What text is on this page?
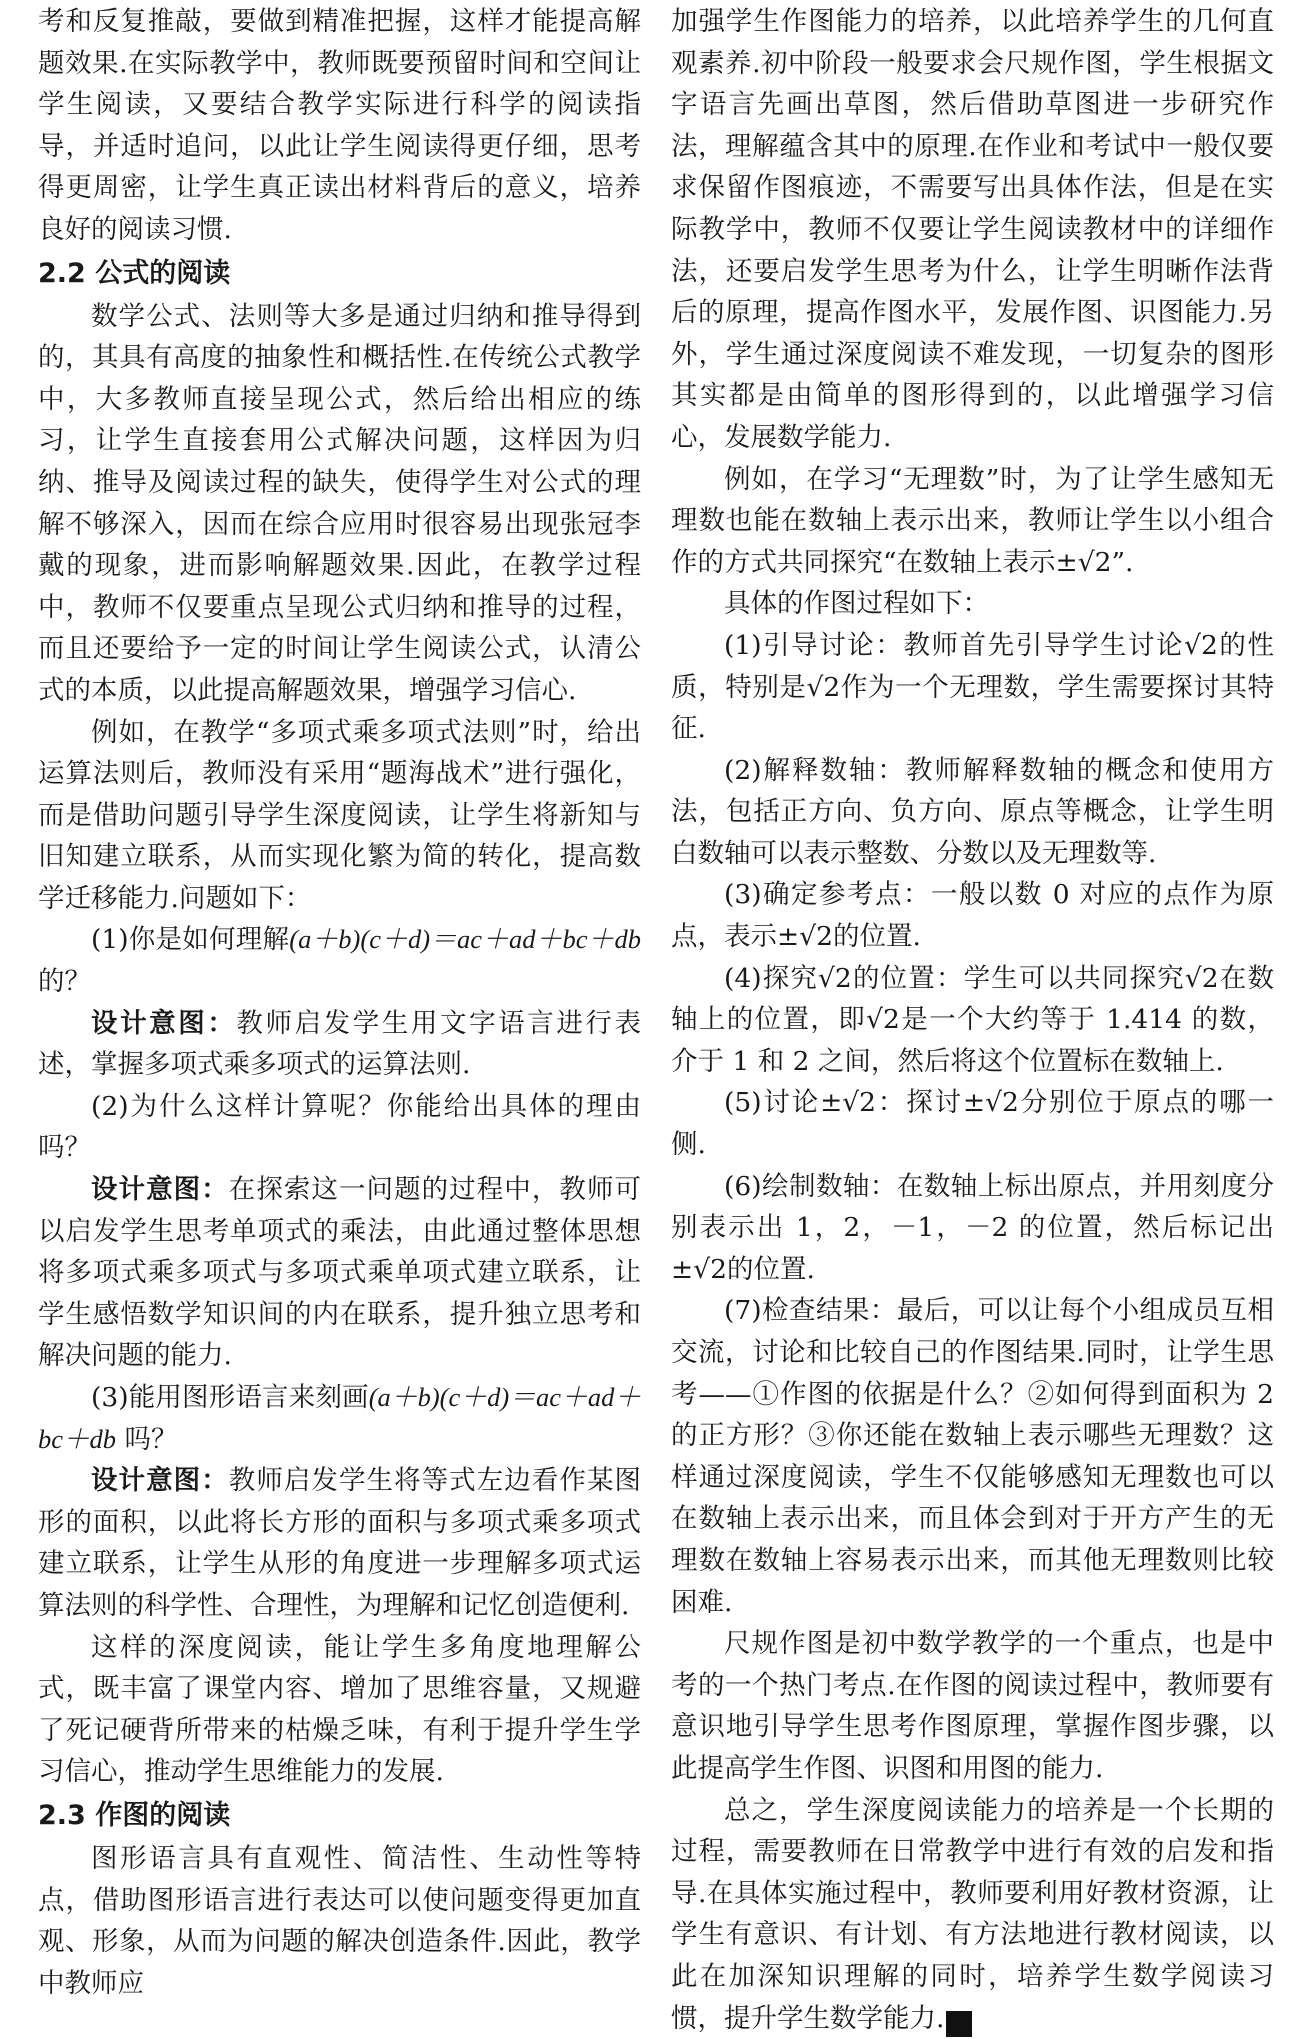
考和反复推敲，要做到精准把握，这样才能提高解题效果.在实际教学中，教师既要预留时间和空间让学生阅读，又要结合教学实际进行科学的阅读指导，并适时追问，以此让学生阅读得更仔细，思考得更周密，让学生真正读出材料背后的意义，培养良好的阅读习惯.

2.2 公式的阅读

数学公式、法则等大多是通过归纳和推导得到的，其具有高度的抽象性和概括性.在传统公式教学中，大多教师直接呈现公式，然后给出相应的练习，让学生直接套用公式解决问题，这样因为归纳、推导及阅读过程的缺失，使得学生对公式的理解不够深入，因而在综合应用时很容易出现张冠李戴的现象，进而影响解题效果.因此，在教学过程中，教师不仅要重点呈现公式归纳和推导的过程，而且还要给予一定的时间让学生阅读公式，认清公式的本质，以此提高解题效果，增强学习信心.

例如，在教学“多项式乘多项式法则”时，给出运算法则后，教师没有采用“题海战术”进行强化，而是借助问题引导学生深度阅读，让学生将新知与旧知建立联系，从而实现化繁为简的转化，提高数学迁移能力.问题如下：

(1)你是如何理解(a＋b)(c＋d)＝ac＋ad＋bc＋db 的？

设计意图：教师启发学生用文字语言进行表述，掌握多项式乘多项式的运算法则.

(2)为什么这样计算呢？你能给出具体的理由吗？

设计意图：在探索这一问题的过程中，教师可以启发学生思考单项式的乘法，由此通过整体思想将多项式乘多项式与多项式乘单项式建立联系，让学生感悟数学知识间的内在联系，提升独立思考和解决问题的能力.

(3)能用图形语言来刻画(a＋b)(c＋d)＝ac＋ad＋bc＋db 吗？

设计意图：教师启发学生将等式左边看作某图形的面积，以此将长方形的面积与多项式乘多项式建立联系，让学生从形的角度进一步理解多项式运算法则的科学性、合理性，为理解和记忆创造便利.

这样的深度阅读，能让学生多角度地理解公式，既丰富了课堂内容、增加了思维容量，又规避了死记硬背所带来的枯燥乏味，有利于提升学生学习信心，推动学生思维能力的发展.

2.3 作图的阅读

图形语言具有直观性、简洁性、生动性等特点，借助图形语言进行表达可以使问题变得更加直观、形象，从而为问题的解决创造条件.因此，教学中教师应

加强学生作图能力的培养，以此培养学生的几何直观素养.初中阶段一般要求会尺规作图，学生根据文字语言先画出草图，然后借助草图进一步研究作法，理解蕴含其中的原理.在作业和考试中一般仅要求保留作图痕迹，不需要写出具体作法，但是在实际教学中，教师不仅要让学生阅读教材中的详细作法，还要启发学生思考为什么，让学生明晰作法背后的原理，提高作图水平，发展作图、识图能力.另外，学生通过深度阅读不难发现，一切复杂的图形其实都是由简单的图形得到的，以此增强学习信心，发展数学能力.

例如，在学习“无理数”时，为了让学生感知无理数也能在数轴上表示出来，教师让学生以小组合作的方式共同探究“在数轴上表示±√2”.

具体的作图过程如下：

(1)引导讨论：教师首先引导学生讨论√2的性质，特别是√2作为一个无理数，学生需要探讨其特征.

(2)解释数轴：教师解释数轴的概念和使用方法，包括正方向、负方向、原点等概念，让学生明白数轴可以表示整数、分数以及无理数等.

(3)确定参考点：一般以数 0 对应的点作为原点，表示±√2的位置.

(4)探究√2的位置：学生可以共同探究√2在数轴上的位置，即√2是一个大约等于 1.414 的数，介于 1 和 2 之间，然后将这个位置标在数轴上.

(5)讨论±√2：探讨±√2分别位于原点的哪一侧.

(6)绘制数轴：在数轴上标出原点，并用刻度分别表示出 1，2，－1，－2 的位置，然后标记出±√2的位置.

(7)检查结果：最后，可以让每个小组成员互相交流，讨论和比较自己的作图结果.同时，让学生思考——①作图的依据是什么？②如何得到面积为 2 的正方形？③你还能在数轴上表示哪些无理数？这样通过深度阅读，学生不仅能够感知无理数也可以在数轴上表示出来，而且体会到对于开方产生的无理数在数轴上容易表示出来，而其他无理数则比较困难.

尺规作图是初中数学教学的一个重点，也是中考的一个热门考点.在作图的阅读过程中，教师要有意识地引导学生思考作图原理，掌握作图步骤，以此提高学生作图、识图和用图的能力.

总之，学生深度阅读能力的培养是一个长期的过程，需要教师在日常教学中进行有效的启发和指导.在具体实施过程中，教师要利用好教材资源，让学生有意识、有计划、有方法地进行教材阅读，以此在加深知识理解的同时，培养学生数学阅读习惯，提升学生数学能力.	Z
